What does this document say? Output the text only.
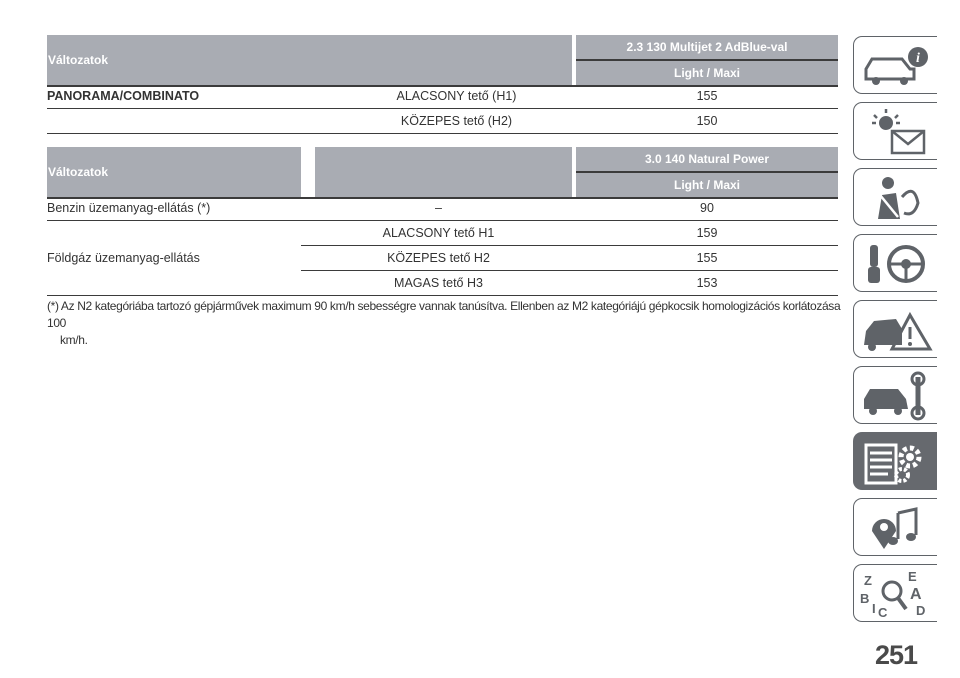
Változatok		2.3 130 Multijet 2 AdBlue-val
Light / Maxi
PANORAMA/COMBINATO	ALACSONY tető (H1)	155
	KÖZEPES tető (H2)	150
Változatok				3.0 140 Natural Power
Light / Maxi
Benzin üzemanyag-ellátás (*)	–	90
Földgáz üzemanyag-ellátás	ALACSONY tető H1	159
	KÖZEPES tető H2	155
	MAGAS tető H3	153
(*) Az N2 kategóriába tartozó gépjárművek maximum 90 km/h sebességre vannak tanúsítva. Ellenben az M2 kategóriájú gépkocsik homologizációs korlátozása 100
km/h.
i
Z	E
B
I C
A
D
251
